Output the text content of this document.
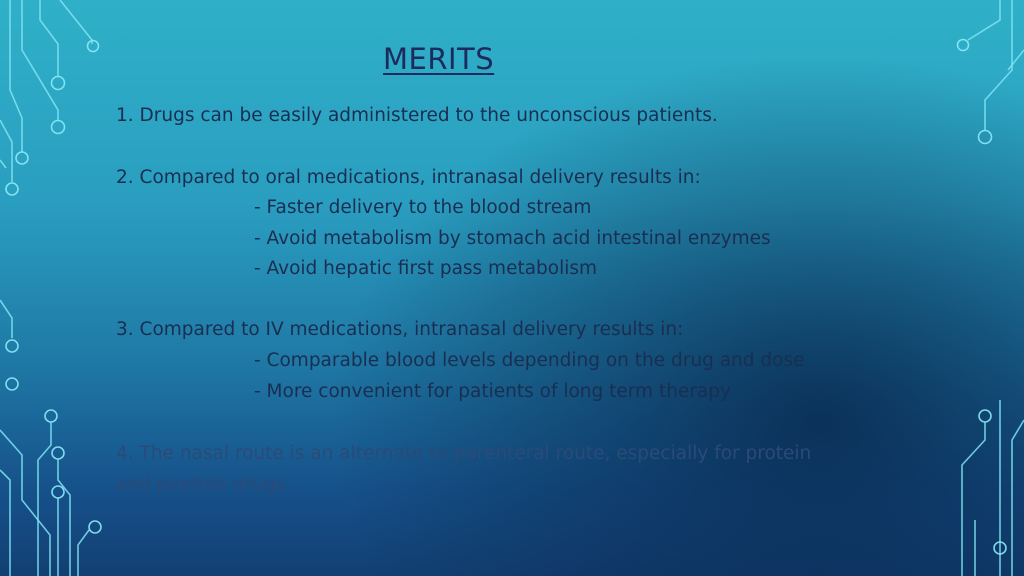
MERITS
1. Drugs can be easily administered to the unconscious patients.
2. Compared to oral medications, intranasal delivery results in:
- Faster delivery to the blood stream
- Avoid metabolism by stomach acid intestinal enzymes
- Avoid hepatic first pass metabolism
3. Compared to IV medications, intranasal delivery results in:
- Comparable blood levels depending on the drug and dose
- More convenient for patients of long term therapy
4. The nasal route is an alternate to parenteral route, especially for protein
and peptide drugs.
